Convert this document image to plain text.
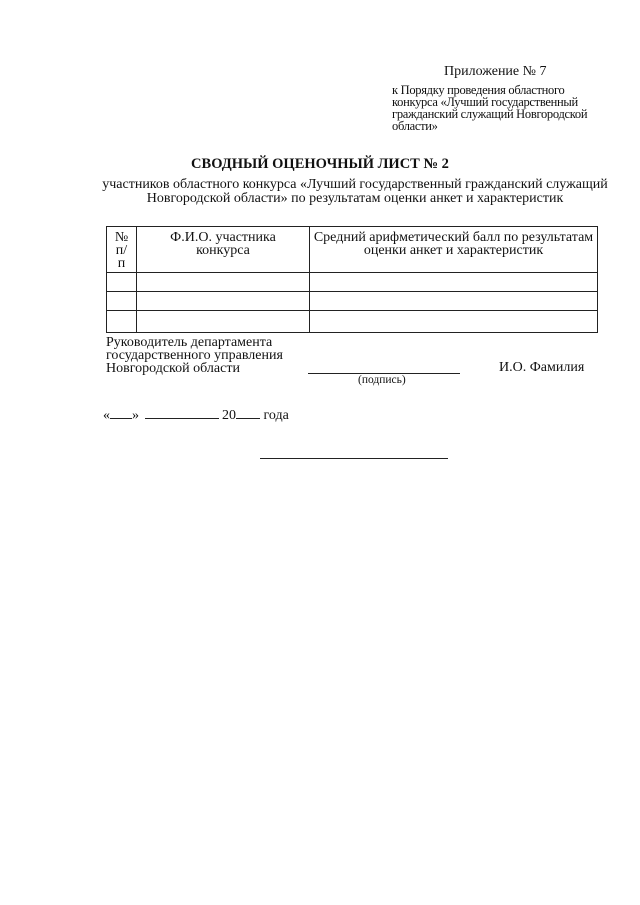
Приложение № 7
к Порядку проведения областного конкурса «Лучший государственный гражданский служащий Новгородской области»
СВОДНЫЙ ОЦЕНОЧНЫЙ ЛИСТ № 2
участников областного конкурса «Лучший государственный гражданский служащий Новгородской области» по результатам оценки анкет и характеристик
№ п/п	Ф.И.О. участника конкурса	Средний арифметический балл по результатам оценки анкет и характеристик

Руководитель департамента государственного управления Новгородской области
(подпись)
И.О. Фамилия
« »	20 года
